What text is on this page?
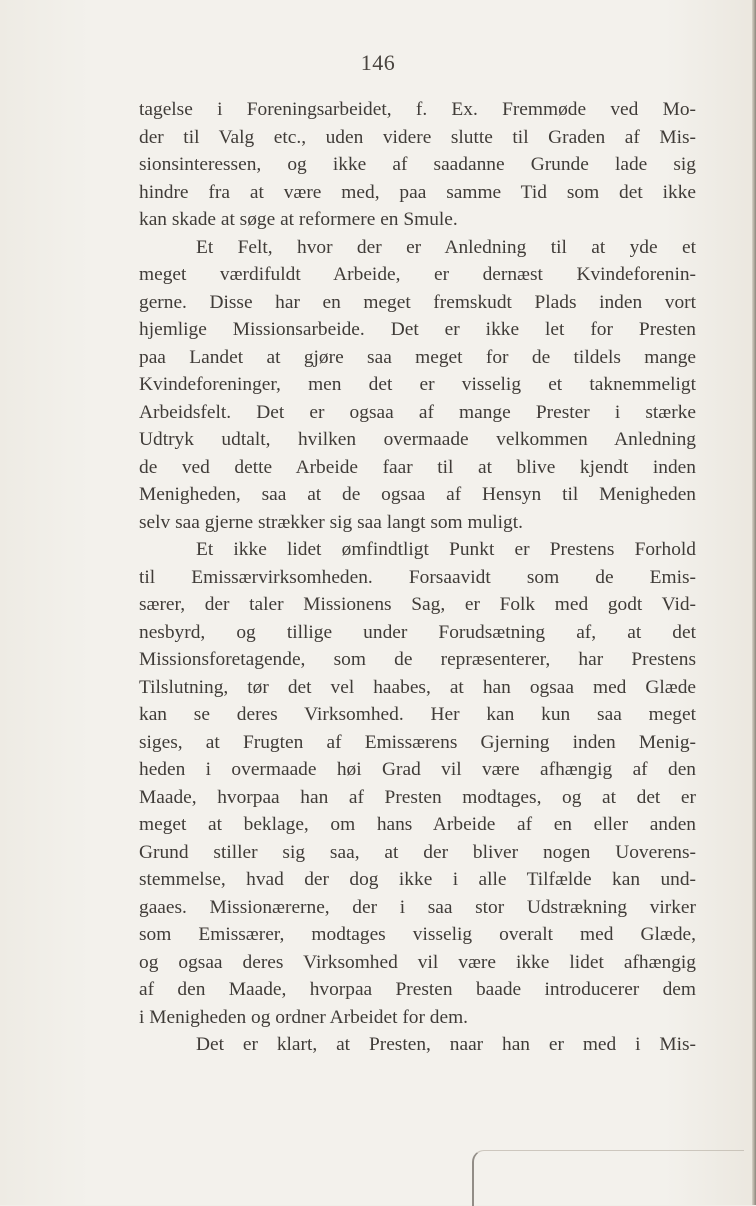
146
tagelse i Foreningsarbeidet, f. Ex. Fremmøde ved Mo-
der til Valg etc., uden videre slutte til Graden af Mis-
sionsinteressen, og ikke af saadanne Grunde lade sig
hindre fra at være med, paa samme Tid som det ikke
kan skade at søge at reformere en Smule.
Et Felt, hvor der er Anledning til at yde et
meget værdifuldt Arbeide, er dernæst Kvindeforenin-
gerne. Disse har en meget fremskudt Plads inden vort
hjemlige Missionsarbeide. Det er ikke let for Presten
paa Landet at gjøre saa meget for de tildels mange
Kvindeforeninger, men det er visselig et taknemmeligt
Arbeidsfelt. Det er ogsaa af mange Prester i stærke
Udtryk udtalt, hvilken overmaade velkommen Anledning
de ved dette Arbeide faar til at blive kjendt inden
Menigheden, saa at de ogsaa af Hensyn til Menigheden
selv saa gjerne strækker sig saa langt som muligt.
Et ikke lidet ømfindtligt Punkt er Prestens Forhold
til Emissærvirksomheden. Forsaavidt som de Emis-
særer, der taler Missionens Sag, er Folk med godt Vid-
nesbyrd, og tillige under Forudsætning af, at det
Missionsforetagende, som de repræsenterer, har Prestens
Tilslutning, tør det vel haabes, at han ogsaa med Glæde
kan se deres Virksomhed. Her kan kun saa meget
siges, at Frugten af Emissærens Gjerning inden Menig-
heden i overmaade høi Grad vil være afhængig af den
Maade, hvorpaa han af Presten modtages, og at det er
meget at beklage, om hans Arbeide af en eller anden
Grund stiller sig saa, at der bliver nogen Uoverens-
stemmelse, hvad der dog ikke i alle Tilfælde kan und-
gaaes. Missionærerne, der i saa stor Udstrækning virker
som Emissærer, modtages visselig overalt med Glæde,
og ogsaa deres Virksomhed vil være ikke lidet afhængig
af den Maade, hvorpaa Presten baade introducerer dem
i Menigheden og ordner Arbeidet for dem.
Det er klart, at Presten, naar han er med i Mis-
